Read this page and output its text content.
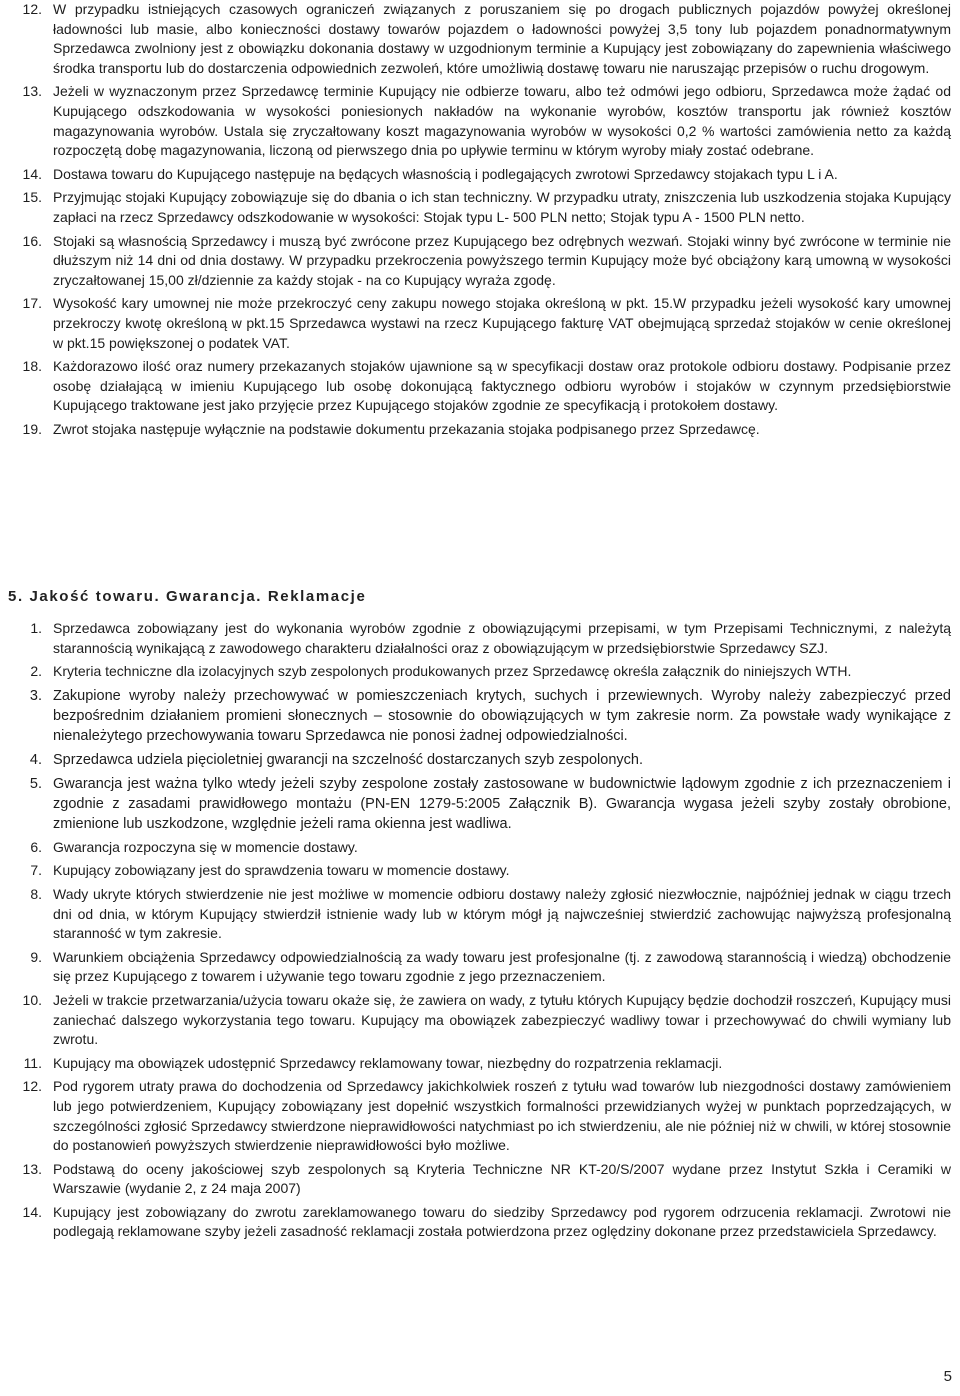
12. W przypadku istniejących czasowych ograniczeń związanych z poruszaniem się po drogach publicznych pojazdów powyżej określonej ładowności lub masie, albo konieczności dostawy towarów pojazdem o ładowności powyżej 3,5 tony lub pojazdem ponadnormatywnym Sprzedawca zwolniony jest z obowiązku dokonania dostawy w uzgodnionym terminie a Kupujący jest zobowiązany do zapewnienia właściwego środka transportu lub do dostarczenia odpowiednich zezwoleń, które umożliwią dostawę towaru nie naruszając przepisów o ruchu drogowym.
13. Jeżeli w wyznaczonym przez Sprzedawcę terminie Kupujący nie odbierze towaru, albo też odmówi jego odbioru, Sprzedawca może żądać od Kupującego odszkodowania w wysokości poniesionych nakładów na wykonanie wyrobów, kosztów transportu jak również kosztów magazynowania wyrobów. Ustala się zryczałtowany koszt magazynowania wyrobów w wysokości 0,2 % wartości zamówienia netto za każdą rozpoczętą dobę magazynowania, liczoną od pierwszego dnia po upływie terminu w którym wyroby miały zostać odebrane.
14. Dostawa towaru do Kupującego następuje na będących własnością i podlegających zwrotowi Sprzedawcy stojakach typu L i A.
15. Przyjmując stojaki Kupujący zobowiązuje się do dbania o ich stan techniczny. W przypadku utraty, zniszczenia lub uszkodzenia stojaka Kupujący zapłaci na rzecz Sprzedawcy odszkodowanie w wysokości: Stojak typu L- 500 PLN netto; Stojak typu A - 1500 PLN netto.
16. Stojaki są własnością Sprzedawcy i muszą być zwrócone przez Kupującego bez odrębnych wezwań. Stojaki winny być zwrócone w terminie nie dłuższym niż 14 dni od dnia dostawy. W przypadku przekroczenia powyższego termin Kupujący może być obciążony karą umowną w wysokości zryczałtowanej 15,00 zł/dziennie za każdy stojak - na co Kupujący wyraża zgodę.
17. Wysokość kary umownej nie może przekroczyć ceny zakupu nowego stojaka określoną w pkt. 15.W przypadku jeżeli wysokość kary umownej przekroczy kwotę określoną w pkt.15 Sprzedawca wystawi na rzecz Kupującego fakturę VAT obejmującą sprzedaż stojaków w cenie określonej w pkt.15 powiększonej o podatek VAT.
18. Każdorazowo ilość oraz numery przekazanych stojaków ujawnione są w specyfikacji dostaw oraz protokole odbioru dostawy. Podpisanie przez osobę działającą w imieniu Kupującego lub osobę dokonującą faktycznego odbioru wyrobów i stojaków w czynnym przedsiębiorstwie Kupującego traktowane jest jako przyjęcie przez Kupującego stojaków zgodnie ze specyfikacją i protokołem dostawy.
19. Zwrot stojaka następuje wyłącznie na podstawie dokumentu przekazania stojaka podpisanego przez Sprzedawcę.
5. Jakość towaru. Gwarancja. Reklamacje
1. Sprzedawca zobowiązany jest do wykonania wyrobów zgodnie z obowiązującymi przepisami, w tym Przepisami Technicznymi, z należytą starannością wynikającą z zawodowego charakteru działalności oraz z obowiązującym w przedsiębiorstwie Sprzedawcy SZJ.
2. Kryteria techniczne dla izolacyjnych szyb zespolonych produkowanych przez Sprzedawcę określa załącznik do niniejszych WTH.
3. Zakupione wyroby należy przechowywać w pomieszczeniach krytych, suchych i przewiewnych. Wyroby należy zabezpieczyć przed bezpośrednim działaniem promieni słonecznych – stosownie do obowiązujących w tym zakresie norm. Za powstałe wady wynikające z nienależytego przechowywania towaru Sprzedawca nie ponosi żadnej odpowiedzialności.
4. Sprzedawca udziela pięcioletniej gwarancji na szczelność dostarczanych szyb zespolonych.
5. Gwarancja jest ważna tylko wtedy jeżeli szyby zespolone zostały zastosowane w budownictwie lądowym zgodnie z ich przeznaczeniem i zgodnie z zasadami prawidłowego montażu (PN-EN 1279-5:2005 Załącznik B). Gwarancja wygasa jeżeli szyby zostały obrobione, zmienione lub uszkodzone, względnie jeżeli rama okienna jest wadliwa.
6. Gwarancja rozpoczyna się w momencie dostawy.
7. Kupujący zobowiązany jest do sprawdzenia towaru w momencie dostawy.
8. Wady ukryte których stwierdzenie nie jest możliwe w momencie odbioru dostawy należy zgłosić niezwłocznie, najpóźniej jednak w ciągu trzech dni od dnia, w którym Kupujący stwierdził istnienie wady lub w którym mógł ją najwcześniej stwierdzić zachowując najwyższą profesjonalną staranność w tym zakresie.
9. Warunkiem obciążenia Sprzedawcy odpowiedzialnością za wady towaru jest profesjonalne (tj. z zawodową starannością i wiedzą) obchodzenie się przez Kupującego z towarem i używanie tego towaru zgodnie z jego przeznaczeniem.
10. Jeżeli w trakcie przetwarzania/użycia towaru okaże się, że zawiera on wady, z tytułu których Kupujący będzie dochodził roszczeń, Kupujący musi zaniechać dalszego wykorzystania tego towaru. Kupujący ma obowiązek zabezpieczyć wadliwy towar i przechowywać do chwili wymiany lub zwrotu.
11. Kupujący ma obowiązek udostępnić Sprzedawcy reklamowany towar, niezbędny do rozpatrzenia reklamacji.
12. Pod rygorem utraty prawa do dochodzenia od Sprzedawcy jakichkolwiek roszeń z tytułu wad towarów lub niezgodności dostawy zamówieniem lub jego potwierdzeniem, Kupujący zobowiązany jest dopełnić wszystkich formalności przewidzianych wyżej w punktach poprzedzających, w szczególności zgłosić Sprzedawcy stwierdzone nieprawidłowości natychmiast po ich stwierdzeniu, ale nie później niż w chwili, w której stosownie do postanowień powyższych stwierdzenie nieprawidłowości było możliwe.
13. Podstawą do oceny jakościowej szyb zespolonych są Kryteria Techniczne NR KT-20/S/2007 wydane przez Instytut Szkła i Ceramiki w Warszawie (wydanie 2, z 24 maja 2007)
14. Kupujący jest zobowiązany do zwrotu zareklamowanego towaru do siedziby Sprzedawcy pod rygorem odrzucenia reklamacji. Zwrotowi nie podlegają reklamowane szyby jeżeli zasadność reklamacji została potwierdzona przez oględziny dokonane przez przedstawiciela Sprzedawcy.
5
